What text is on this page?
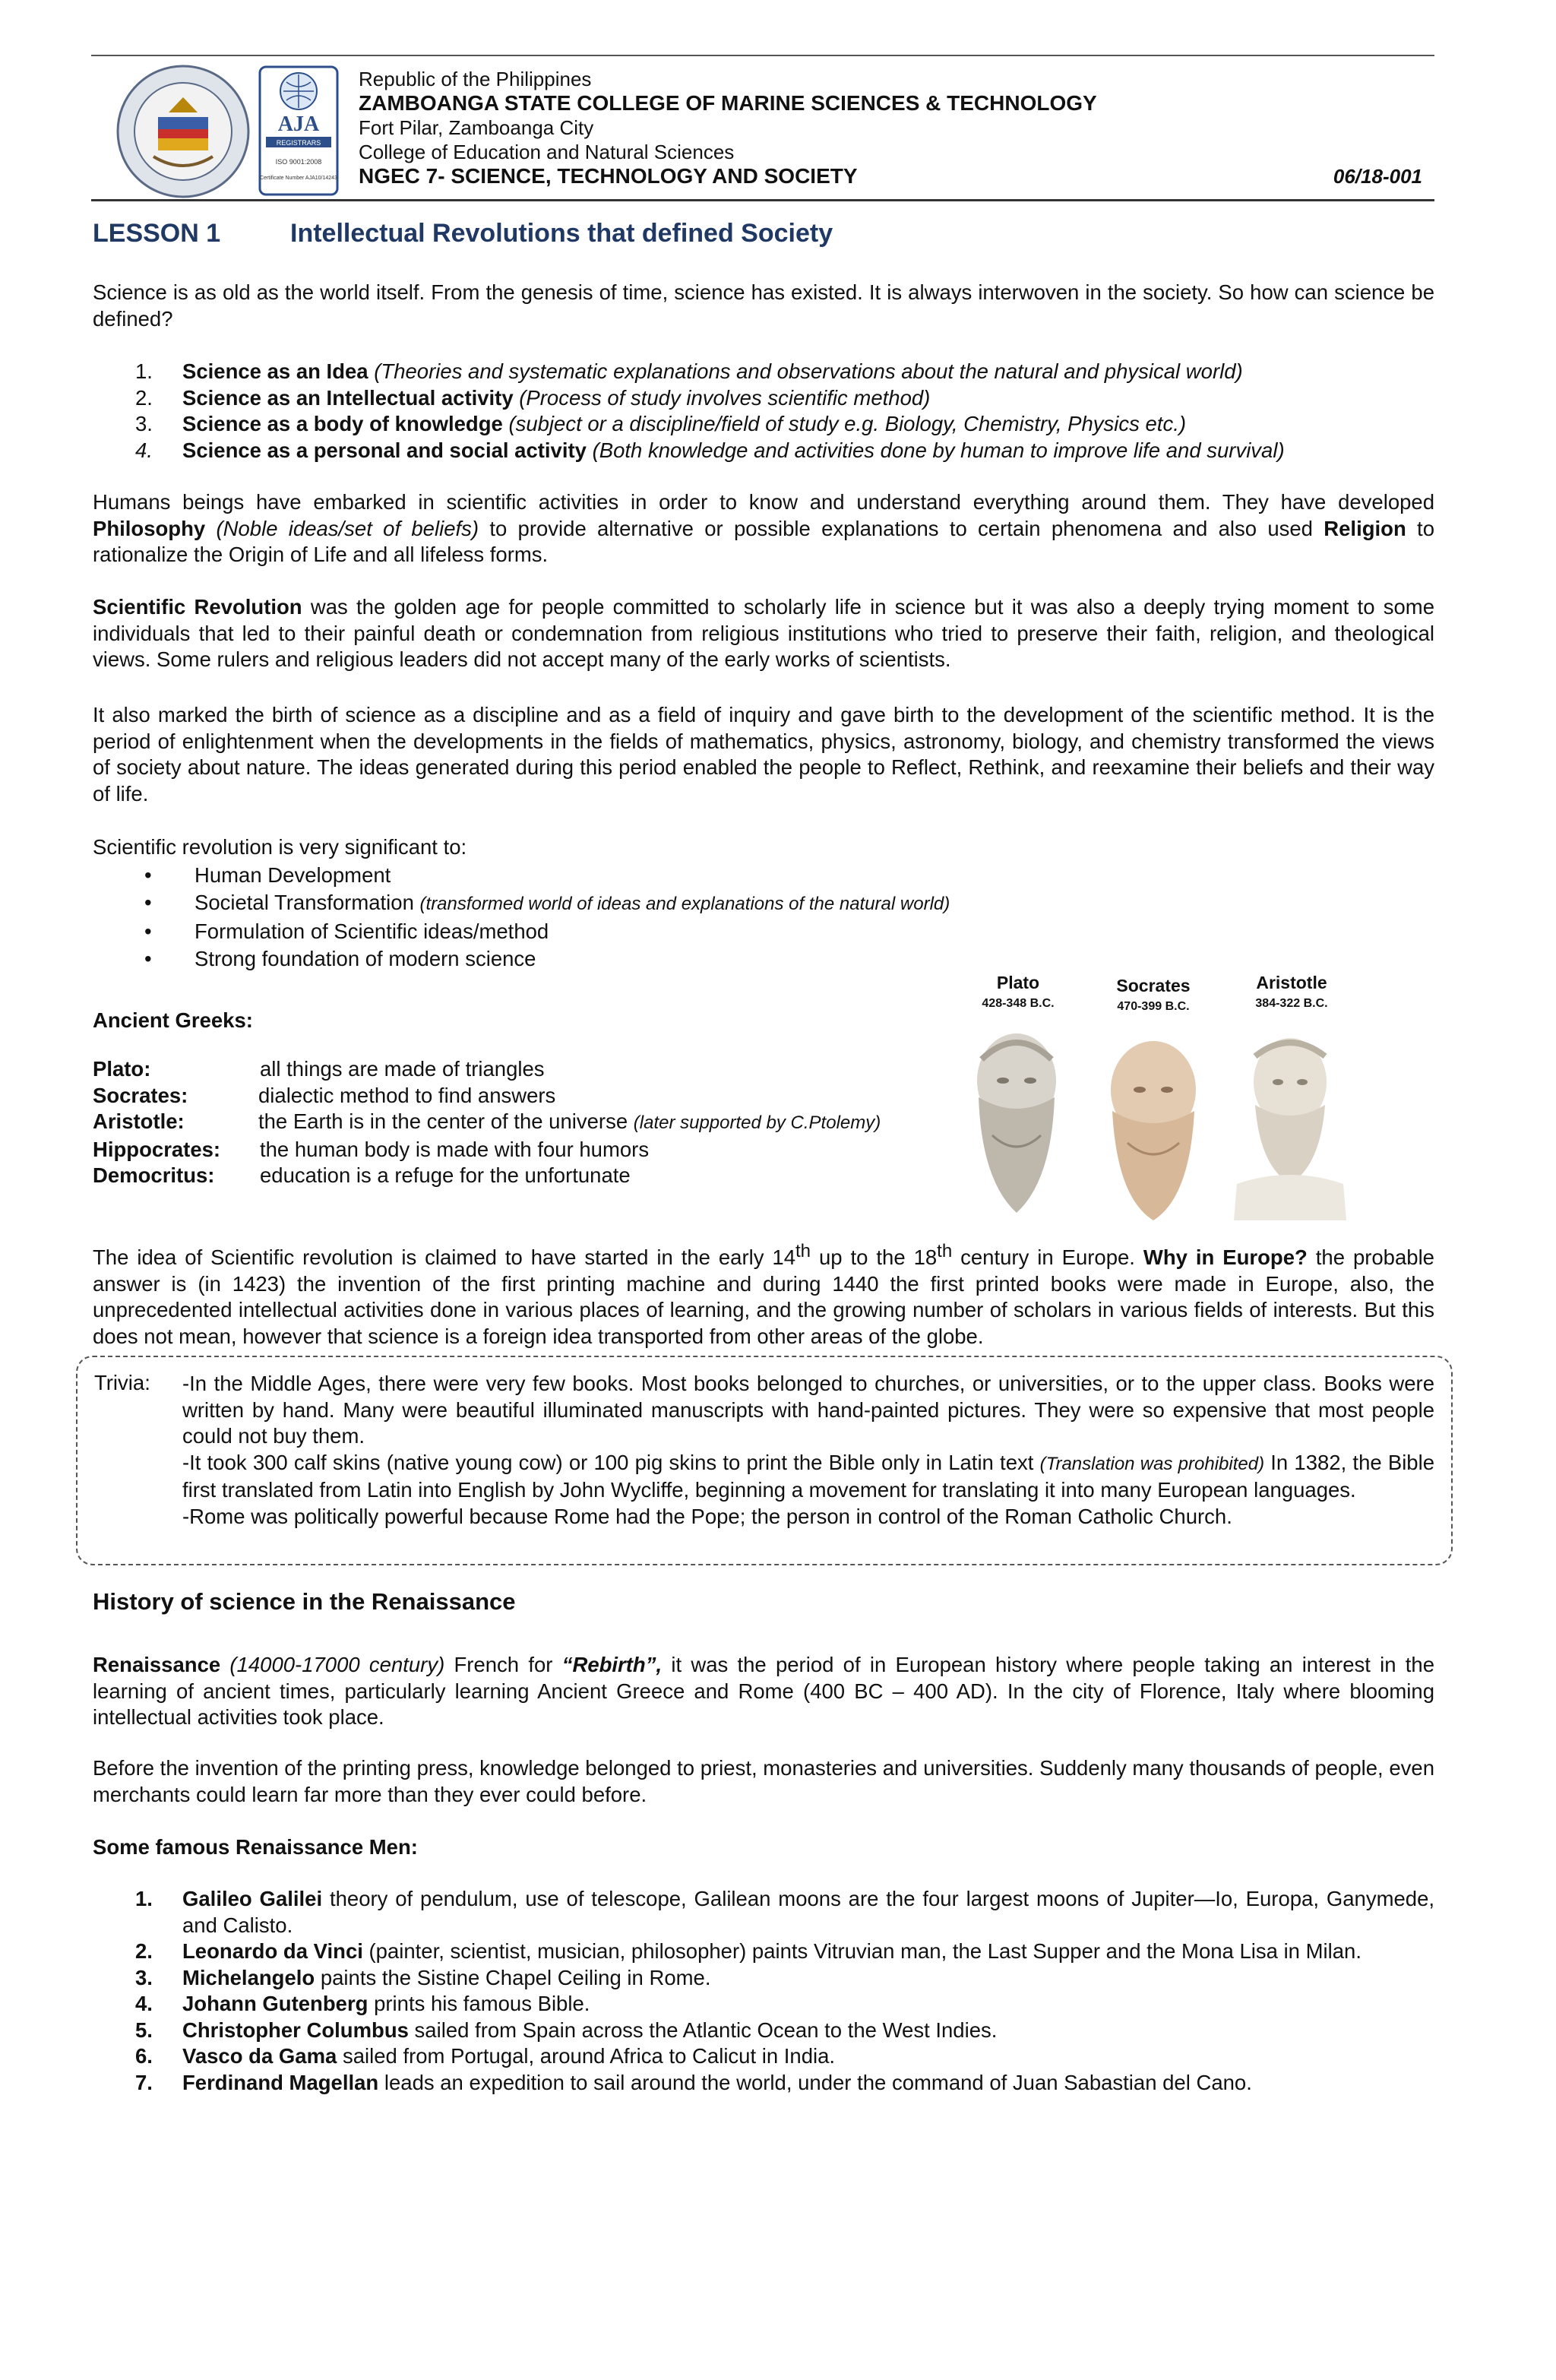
AJA
REGISTRARS
ISO 9001:2008
Certificate Number AJA10/14243
Republic of the Philippines
ZAMBOANGA STATE COLLEGE OF MARINE SCIENCES & TECHNOLOGY
Fort Pilar, Zamboanga City
College of Education and Natural Sciences
NGEC 7- SCIENCE, TECHNOLOGY AND SOCIETY	06/18-001
LESSON 1	Intellectual Revolutions that defined Society

Science is as old as the world itself. From the genesis of time, science has existed. It is always interwoven in the society. So how can science be defined?

1.	Science as an Idea (Theories and systematic explanations and observations about the natural and physical world)
2.	Science as an Intellectual activity (Process of study involves scientific method)
3.	Science as a body of knowledge (subject or a discipline/field of study e.g. Biology, Chemistry, Physics etc.)
4.	Science as a personal and social activity (Both knowledge and activities done by human to improve life and survival)

Humans beings have embarked in scientific activities in order to know and understand everything around them. They have developed Philosophy (Noble ideas/set of beliefs) to provide alternative or possible explanations to certain phenomena and also used Religion to rationalize the Origin of Life and all lifeless forms.

Scientific Revolution was the golden age for people committed to scholarly life in science but it was also a deeply trying moment to some individuals that led to their painful death or condemnation from religious institutions who tried to preserve their faith, religion, and theological views. Some rulers and religious leaders did not accept many of the early works of scientists.

It also marked the birth of science as a discipline and as a field of inquiry and gave birth to the development of the scientific method. It is the period of enlightenment when the developments in the fields of mathematics, physics, astronomy, biology, and chemistry transformed the views of society about nature. The ideas generated during this period enabled the people to Reflect, Rethink, and reexamine their beliefs and their way of life.

Scientific revolution is very significant to:

•	Human Development
•	Societal Transformation (transformed world of ideas and explanations of the natural world)
•	Formulation of Scientific ideas/method
•	Strong foundation of modern science

Ancient Greeks:

Plato:	all things are made of triangles
Socrates:	dialectic method to find answers
Aristotle:	the Earth is in the center of the universe (later supported by C.Ptolemy)
Hippocrates:	the human body is made with four humors
Democritus:	education is a refuge for the unfortunate
Plato
428-348 B.C.
Socrates
470-399 B.C.
Aristotle
384-322 B.C.

The idea of Scientific revolution is claimed to have started in the early 14th up to the 18th century in Europe. Why in Europe? the probable answer is (in 1423) the invention of the first printing machine and during 1440 the first printed books were made in Europe, also, the unprecedented intellectual activities done in various places of learning, and the growing number of scholars in various fields of interests. But this does not mean, however that science is a foreign idea transported from other areas of the globe.

Trivia: -In the Middle Ages, there were very few books. Most books belonged to churches, or universities, or to the upper class. Books were written by hand. Many were beautiful illuminated manuscripts with hand-painted pictures. They were so expensive that most people could not buy them.

-It took 300 calf skins (native young cow) or 100 pig skins to print the Bible only in Latin text (Translation was prohibited) In 1382, the Bible first translated from Latin into English by John Wycliffe, beginning a movement for translating it into many European languages.

-Rome was politically powerful because Rome had the Pope; the person in control of the Roman Catholic Church.

History of science in the Renaissance

Renaissance (14000-17000 century) French for “Rebirth”, it was the period of in European history where people taking an interest in the learning of ancient times, particularly learning Ancient Greece and Rome (400 BC – 400 AD). In the city of Florence, Italy where blooming intellectual activities took place.

Before the invention of the printing press, knowledge belonged to priest, monasteries and universities. Suddenly many thousands of people, even merchants could learn far more than they ever could before.

Some famous Renaissance Men:

1.	Galileo Galilei theory of pendulum, use of telescope, Galilean moons are the four largest moons of Jupiter—Io, Europa, Ganymede, and Calisto.
2.	Leonardo da Vinci (painter, scientist, musician, philosopher) paints Vitruvian man, the Last Supper and the Mona Lisa in Milan.
3.	Michelangelo paints the Sistine Chapel Ceiling in Rome.
4.	Johann Gutenberg prints his famous Bible.
5.	Christopher Columbus sailed from Spain across the Atlantic Ocean to the West Indies.
6.	Vasco da Gama sailed from Portugal, around Africa to Calicut in India.
7.	Ferdinand Magellan leads an expedition to sail around the world, under the command of Juan Sabastian del Cano.
